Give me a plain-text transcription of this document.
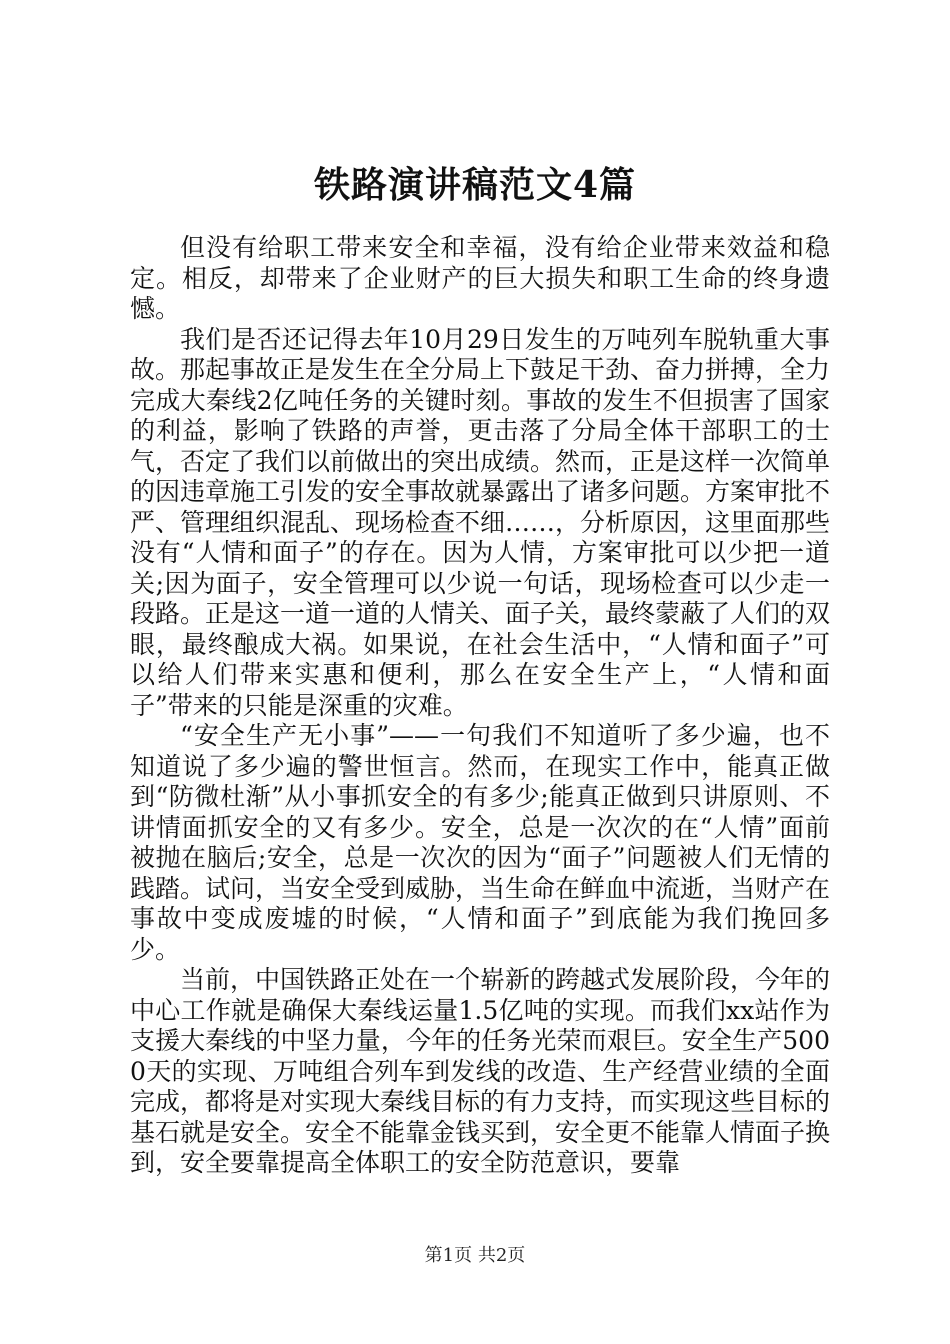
铁路演讲稿范文4篇

但没有给职工带来安全和幸福，没有给企业带来效益和稳定。相反，却带来了企业财产的巨大损失和职工生命的终身遗憾。

我们是否还记得去年10月29日发生的万吨列车脱轨重大事故。那起事故正是发生在全分局上下鼓足干劲、奋力拼搏，全力完成大秦线2亿吨任务的关键时刻。事故的发生不但损害了国家的利益，影响了铁路的声誉，更击落了分局全体干部职工的士气，否定了我们以前做出的突出成绩。然而，正是这样一次简单的因违章施工引发的安全事故就暴露出了诸多问题。方案审批不严、管理组织混乱、现场检查不细……，分析原因，这里面那些没有“人情和面子”的存在。因为人情，方案审批可以少把一道关;因为面子，安全管理可以少说一句话，现场检查可以少走一段路。正是这一道一道的人情关、面子关，最终蒙蔽了人们的双眼，最终酿成大祸。如果说，在社会生活中，“人情和面子”可以给人们带来实惠和便利，那么在安全生产上，“人情和面子”带来的只能是深重的灾难。

“安全生产无小事”——一句我们不知道听了多少遍，也不知道说了多少遍的警世恒言。然而，在现实工作中，能真正做到“防微杜渐”从小事抓安全的有多少;能真正做到只讲原则、不讲情面抓安全的又有多少。安全，总是一次次的在“人情”面前被抛在脑后;安全，总是一次次的因为“面子”问题被人们无情的践踏。试问，当安全受到威胁，当生命在鲜血中流逝，当财产在事故中变成废墟的时候，“人情和面子”到底能为我们挽回多少。

当前，中国铁路正处在一个崭新的跨越式发展阶段，今年的中心工作就是确保大秦线运量1.5亿吨的实现。而我们xx站作为支援大秦线的中坚力量，今年的任务光荣而艰巨。安全生产5000天的实现、万吨组合列车到发线的改造、生产经营业绩的全面完成，都将是对实现大秦线目标的有力支持，而实现这些目标的基石就是安全。安全不能靠金钱买到，安全更不能靠人情面子换到，安全要靠提高全体职工的安全防范意识，要靠

第1页 共2页
